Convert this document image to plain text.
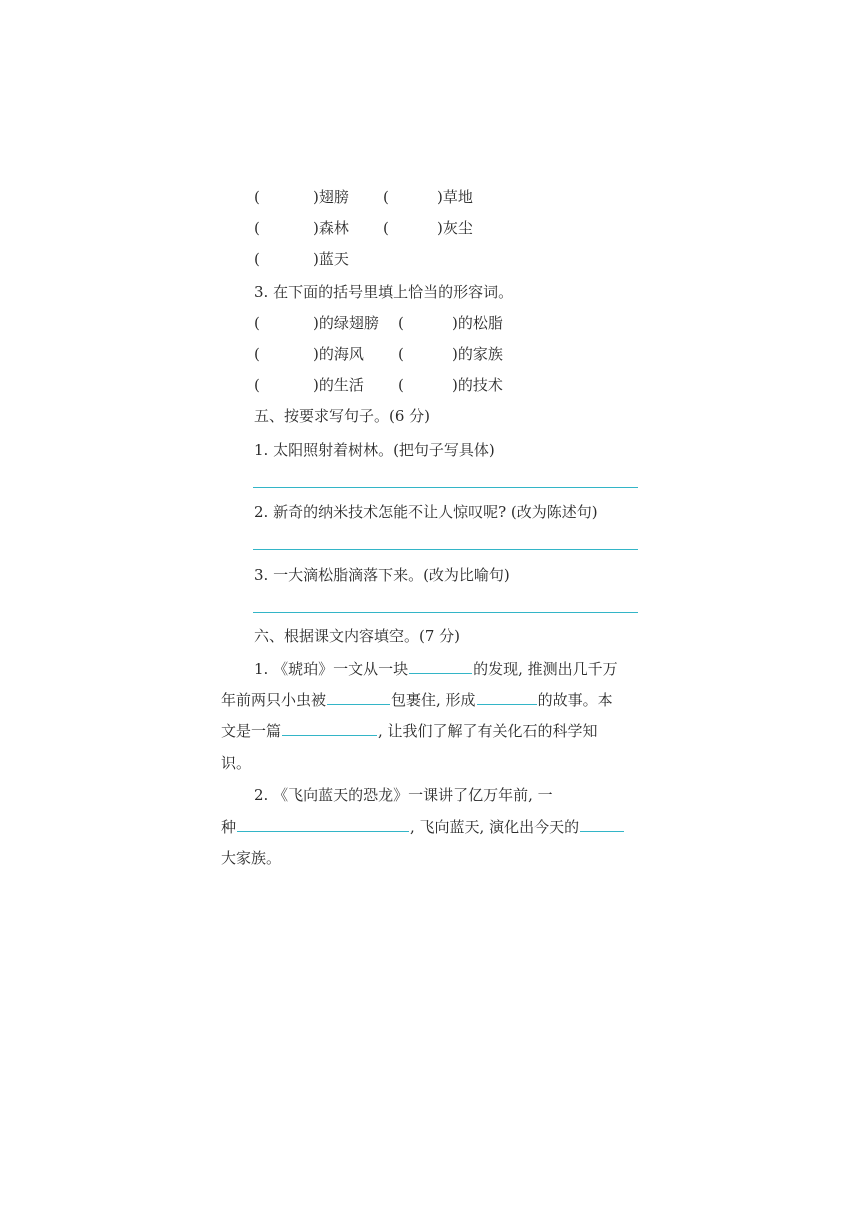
(	)翅膀 (	)草地
(	)森林 (	)灰尘
(	)蓝天
3. 在下面的括号里填上恰当的形容词。
(	)的绿翅膀 (	)的松脂
(	)的海风 (	)的家族
(	)的生活 (	)的技术
五、按要求写句子。(6 分)
1. 太阳照射着树林。(把句子写具体)
2. 新奇的纳米技术怎能不让人惊叹呢? (改为陈述句)
3. 一大滴松脂滴落下来。(改为比喻句)
六、根据课文内容填空。(7 分)
1. 《琥珀》一文从一块	的发现, 推测出几千万
年前两只小虫被	包裹住, 形成	的故事。本
文是一篇	, 让我们了解了有关化石的科学知
识。
2. 《飞向蓝天的恐龙》一课讲了亿万年前, 一
种	, 飞向蓝天, 演化出今天的
大家族。
